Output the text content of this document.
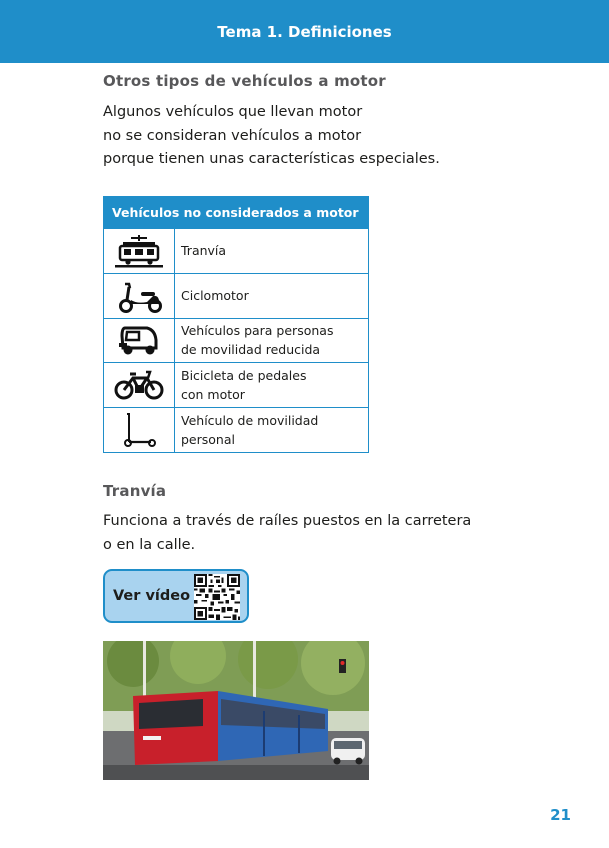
Tema 1. Definiciones
Otros tipos de vehículos a motor
Algunos vehículos que llevan motor
no se consideran vehículos a motor
porque tienen unas características especiales.
Vehículos no considerados a motor
Tranvía
Ciclomotor
Vehículos para personas
de movilidad reducida
Bicicleta de pedales
con motor
Vehículo de movilidad
personal
Tranvía
Funciona a través de raíles puestos en la carretera
o en la calle.
Ver vídeo
21
